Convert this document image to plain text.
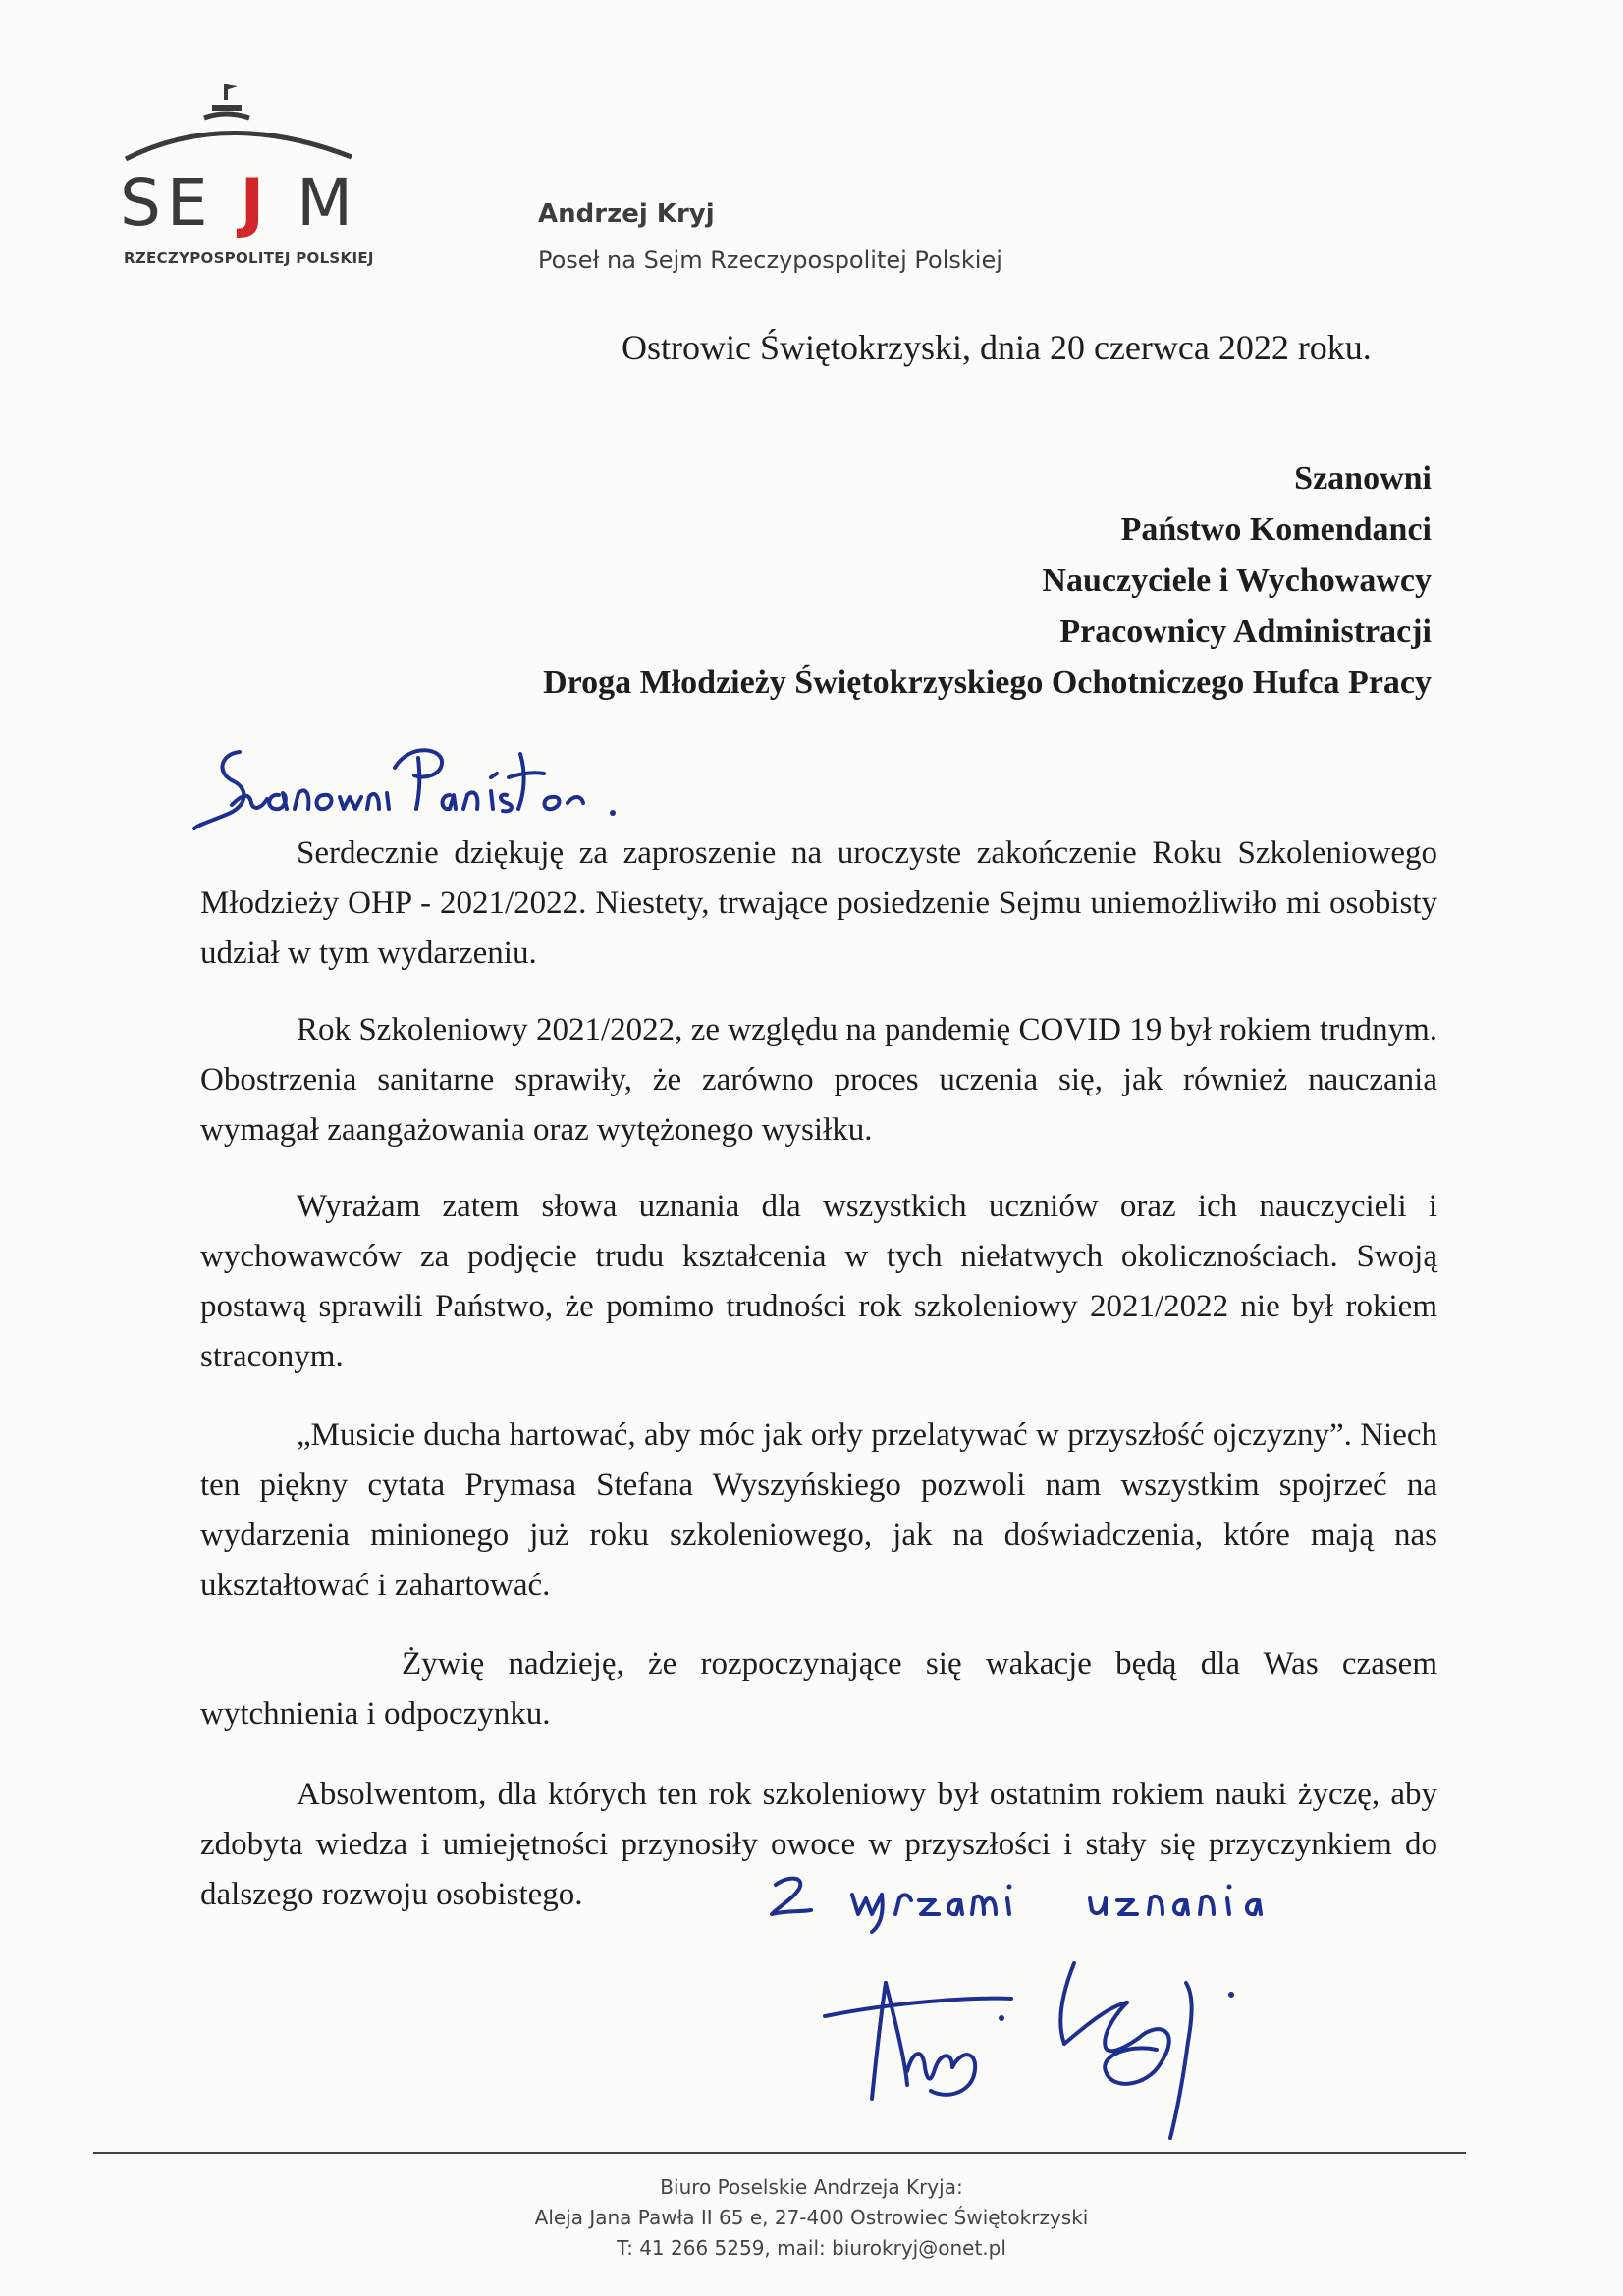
SE J M
RZECZYPOSPOLITEJ POLSKIEJ
Andrzej Kryj
Poseł na Sejm Rzeczypospolitej Polskiej
Ostrowic Świętokrzyski, dnia 20 czerwca 2022 roku.
Szanowni
Państwo Komendanci
Nauczyciele i Wychowawcy
Pracownicy Administracji
Droga Młodzieży Świętokrzyskiego Ochotniczego Hufca Pracy

Serdecznie dziękuję za zaproszenie na uroczyste zakończenie Roku Szkoleniowego Młodzieży OHP - 2021/2022. Niestety, trwające posiedzenie Sejmu uniemożliwiło mi osobisty udział w tym wydarzeniu.

Rok Szkoleniowy 2021/2022, ze względu na pandemię COVID 19 był rokiem trudnym. Obostrzenia sanitarne sprawiły, że zarówno proces uczenia się, jak również nauczania wymagał zaangażowania oraz wytężonego wysiłku.

Wyrażam zatem słowa uznania dla wszystkich uczniów oraz ich nauczycieli i wychowawców za podjęcie trudu kształcenia w tych niełatwych okolicznościach. Swoją postawą sprawili Państwo, że pomimo trudności rok szkoleniowy 2021/2022 nie był rokiem straconym.

„Musicie ducha hartować, aby móc jak orły przelatywać w przyszłość ojczyzny”. Niech ten piękny cytata Prymasa Stefana Wyszyńskiego pozwoli nam wszystkim spojrzeć na wydarzenia minionego już roku szkoleniowego, jak na doświadczenia, które mają nas ukształtować i zahartować.

Żywię nadzieję, że rozpoczynające się wakacje będą dla Was czasem wytchnienia i odpoczynku.

Absolwentom, dla których ten rok szkoleniowy był ostatnim rokiem nauki życzę, aby zdobyta wiedza i umiejętności przynosiły owoce w przyszłości i stały się przyczynkiem do dalszego rozwoju osobistego.

Biuro Poselskie Andrzeja Kryja:
Aleja Jana Pawła II 65 e, 27-400 Ostrowiec Świętokrzyski
T: 41 266 5259, mail: biurokryj@onet.pl
